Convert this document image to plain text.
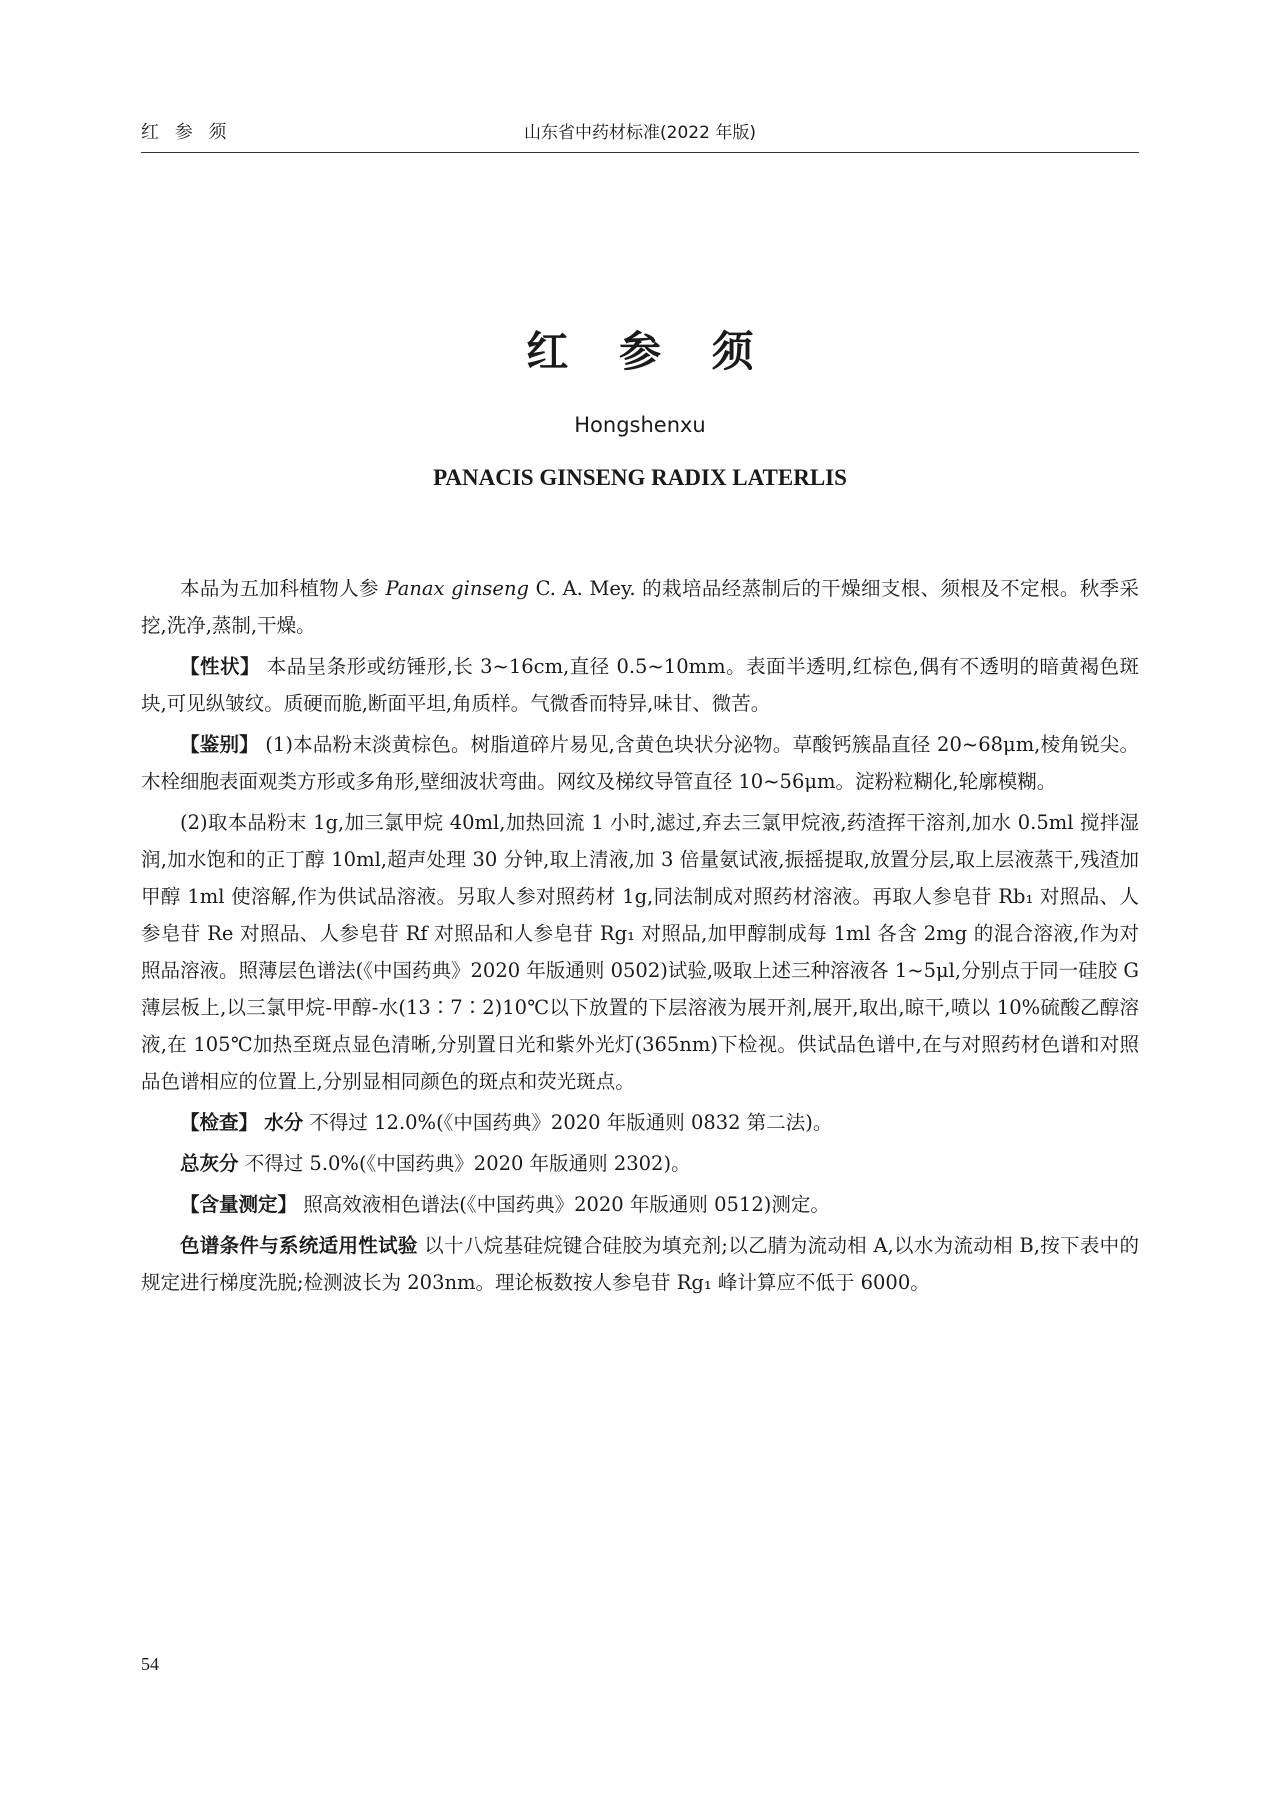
红 参 须	山东省中药材标准(2022 年版)
红 参 须
Hongshenxu
PANACIS GINSENG RADIX LATERLIS

本品为五加科植物人参 Panax ginseng C. A. Mey. 的栽培品经蒸制后的干燥细支根、须根及不定根。秋季采挖,洗净,蒸制,干燥。

【性状】 本品呈条形或纺锤形,长 3~16cm,直径 0.5~10mm。表面半透明,红棕色,偶有不透明的暗黄褐色斑块,可见纵皱纹。质硬而脆,断面平坦,角质样。气微香而特异,味甘、微苦。

【鉴别】 (1)本品粉末淡黄棕色。树脂道碎片易见,含黄色块状分泌物。草酸钙簇晶直径 20~68μm,棱角锐尖。木栓细胞表面观类方形或多角形,壁细波状弯曲。网纹及梯纹导管直径 10~56μm。淀粉粒糊化,轮廓模糊。

(2)取本品粉末 1g,加三氯甲烷 40ml,加热回流 1 小时,滤过,弃去三氯甲烷液,药渣挥干溶剂,加水 0.5ml 搅拌湿润,加水饱和的正丁醇 10ml,超声处理 30 分钟,取上清液,加 3 倍量氨试液,振摇提取,放置分层,取上层液蒸干,残渣加甲醇 1ml 使溶解,作为供试品溶液。另取人参对照药材 1g,同法制成对照药材溶液。再取人参皂苷 Rb₁ 对照品、人参皂苷 Re 对照品、人参皂苷 Rf 对照品和人参皂苷 Rg₁ 对照品,加甲醇制成每 1ml 各含 2mg 的混合溶液,作为对照品溶液。照薄层色谱法(《中国药典》2020 年版通则 0502)试验,吸取上述三种溶液各 1~5μl,分别点于同一硅胶 G 薄层板上,以三氯甲烷-甲醇-水(13∶7∶2)10℃以下放置的下层溶液为展开剂,展开,取出,晾干,喷以 10%硫酸乙醇溶液,在 105℃加热至斑点显色清晰,分别置日光和紫外光灯(365nm)下检视。供试品色谱中,在与对照药材色谱和对照品色谱相应的位置上,分别显相同颜色的斑点和荧光斑点。

【检查】 水分 不得过 12.0%(《中国药典》2020 年版通则 0832 第二法)。

总灰分 不得过 5.0%(《中国药典》2020 年版通则 2302)。

【含量测定】 照高效液相色谱法(《中国药典》2020 年版通则 0512)测定。

色谱条件与系统适用性试验 以十八烷基硅烷键合硅胶为填充剂;以乙腈为流动相 A,以水为流动相 B,按下表中的规定进行梯度洗脱;检测波长为 203nm。理论板数按人参皂苷 Rg₁ 峰计算应不低于 6000。

54
